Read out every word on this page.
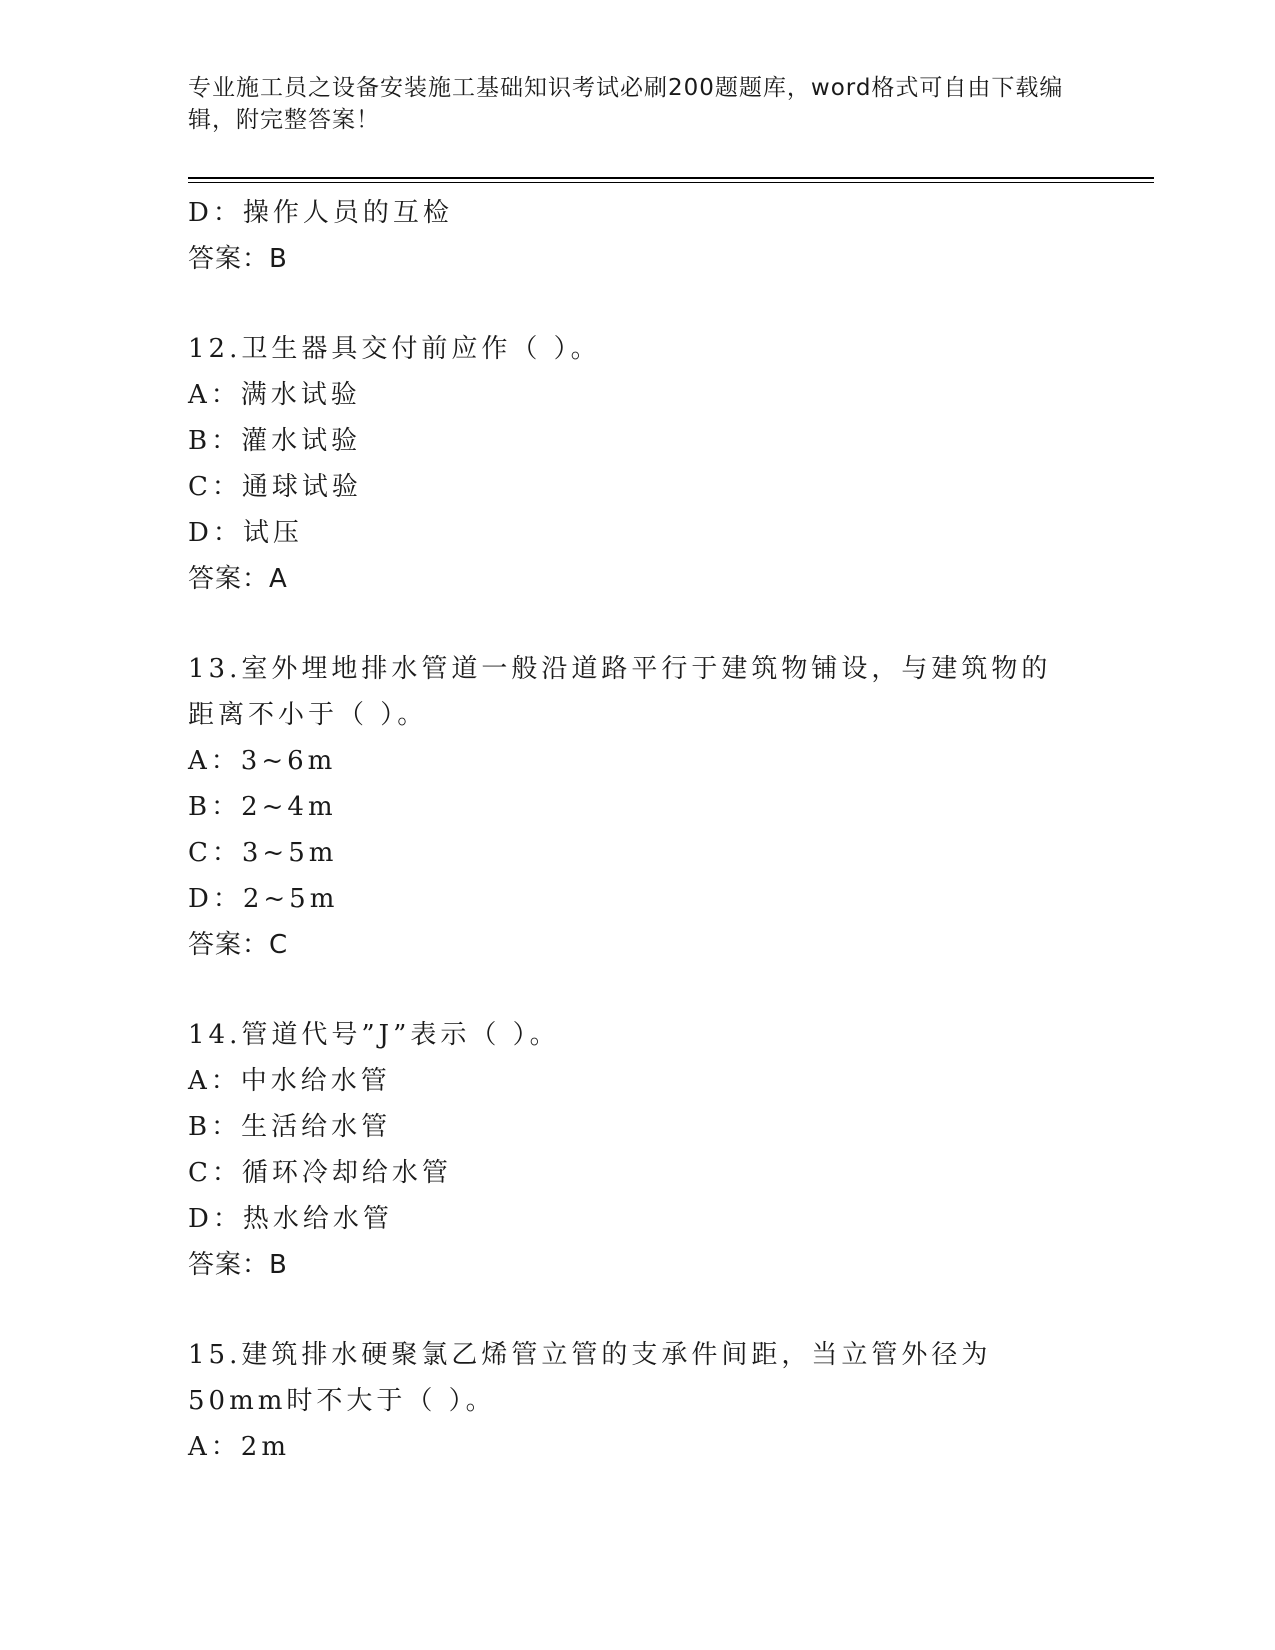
专业施工员之设备安装施工基础知识考试必刷200题题库，word格式可自由下载编辑，附完整答案！
D：操作人员的互检
答案：B
12.卫生器具交付前应作（ ）。
A：满水试验
B：灌水试验
C：通球试验
D：试压
答案：A
13.室外埋地排水管道一般沿道路平行于建筑物铺设，与建筑物的距离不小于（ ）。
A：3~6m
B：2~4m
C：3~5m
D：2~5m
答案：C
14.管道代号”J”表示（ ）。
A：中水给水管
B：生活给水管
C：循环冷却给水管
D：热水给水管
答案：B
15.建筑排水硬聚氯乙烯管立管的支承件间距，当立管外径为50mm时不大于（ ）。
A：2m
